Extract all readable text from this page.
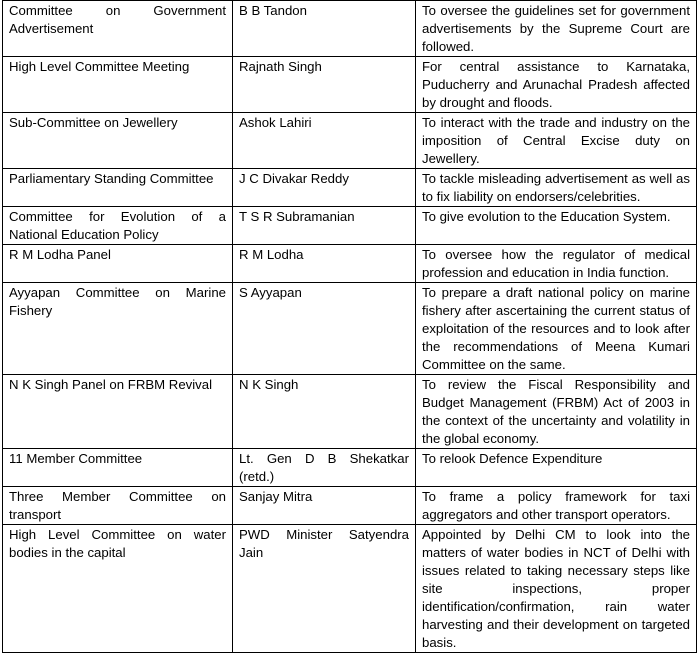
Committee on Government Advertisement	B B Tandon	To oversee the guidelines set for government advertisements by the Supreme Court are followed.
High Level Committee Meeting	Rajnath Singh	For central assistance to Karnataka, Puducherry and Arunachal Pradesh affected by drought and floods.
Sub-Committee on Jewellery	Ashok Lahiri	To interact with the trade and industry on the imposition of Central Excise duty on Jewellery.
Parliamentary Standing Committee	J C Divakar Reddy	To tackle misleading advertisement as well as to fix liability on endorsers/celebrities.
Committee for Evolution of a National Education Policy	T S R Subramanian	To give evolution to the Education System.
R M Lodha Panel	R M Lodha	To oversee how the regulator of medical profession and education in India function.
Ayyapan Committee on Marine Fishery	S Ayyapan	To prepare a draft national policy on marine fishery after ascertaining the current status of exploitation of the resources and to look after the recommendations of Meena Kumari Committee on the same.
N K Singh Panel on FRBM Revival	N K Singh	To review the Fiscal Responsibility and Budget Management (FRBM) Act of 2003 in the context of the uncertainty and volatility in the global economy.
11 Member Committee	Lt. Gen D B Shekatkar (retd.)	To relook Defence Expenditure
Three Member Committee on transport	Sanjay Mitra	To frame a policy framework for taxi aggregators and other transport operators.
High Level Committee on water bodies in the capital	PWD Minister Satyendra Jain	Appointed by Delhi CM to look into the matters of water bodies in NCT of Delhi with issues related to taking necessary steps like site inspections, proper identification/confirmation, rain water harvesting and their development on targeted basis.
